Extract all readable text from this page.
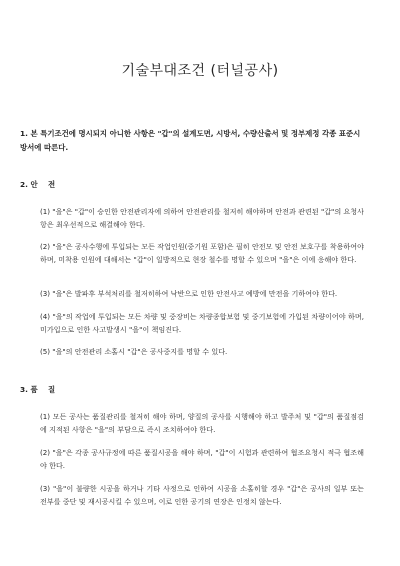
기술부대조건 (터널공사)
1. 본 특기조건에 명시되지 아니한 사항은 "갑"의 설계도면, 시방서, 수량산출서 및 정부제정 각종 표준시방서에 따른다.
2. 안    전
(1) "을"은 "갑"이 승인한 안전관리자에 의하여 안전관리를 철저히 해야하며 안전과 관련된 "갑"의 요청사항은 최우선적으로 해결해야 한다.
(2) "을"은 공사수행에 투입되는 모든 작업인원(중기원 포함)은 필히 안전모 및 안전 보호구를 착용하여야 하며, 미착용 인원에 대해서는 "갑"이 일방적으로 현장 철수를 명할 수 있으며 "을"은 이에 응해야 한다.
(3) "을"은 발파후 부석처리를 철저히하여 낙반으로 인한 안전사고 예방에 만전을 기하여야 한다.
(4) "을"의 작업에 투입되는 모든 차량 및 중장비는 차량종합보험 및 중기보험에 가입된 차량이어야 하며, 미가입으로 인한 사고발생시 "을"이 책임진다.
(5) "을"의 안전관리 소홀시 "갑"은 공사중지를 명할 수 있다.
3. 품    질
(1) 모든 공사는 품질관리를 철저히 해야 하며, 양질의 공사를 시행해야 하고 발주처 및 "갑"의 품질점검에 지적된 사항은 "을"의 부담으로 즉시 조치하여야 한다.
(2) "을"은 각종 공사규정에 따른 품질시공을 해야 하며, "갑"이 시험과 관련하여 협조요청시 적극 협조해야 한다.
(3) "을"이 불량한 시공을 하거나 기타 사정으로 인하여 시공을 소홀히할 경우 "갑"은 공사의 일부 또는 전부를 중단 및 재시공시킬 수 있으며, 이로 인한 공기의 연장은 인정치 않는다.
